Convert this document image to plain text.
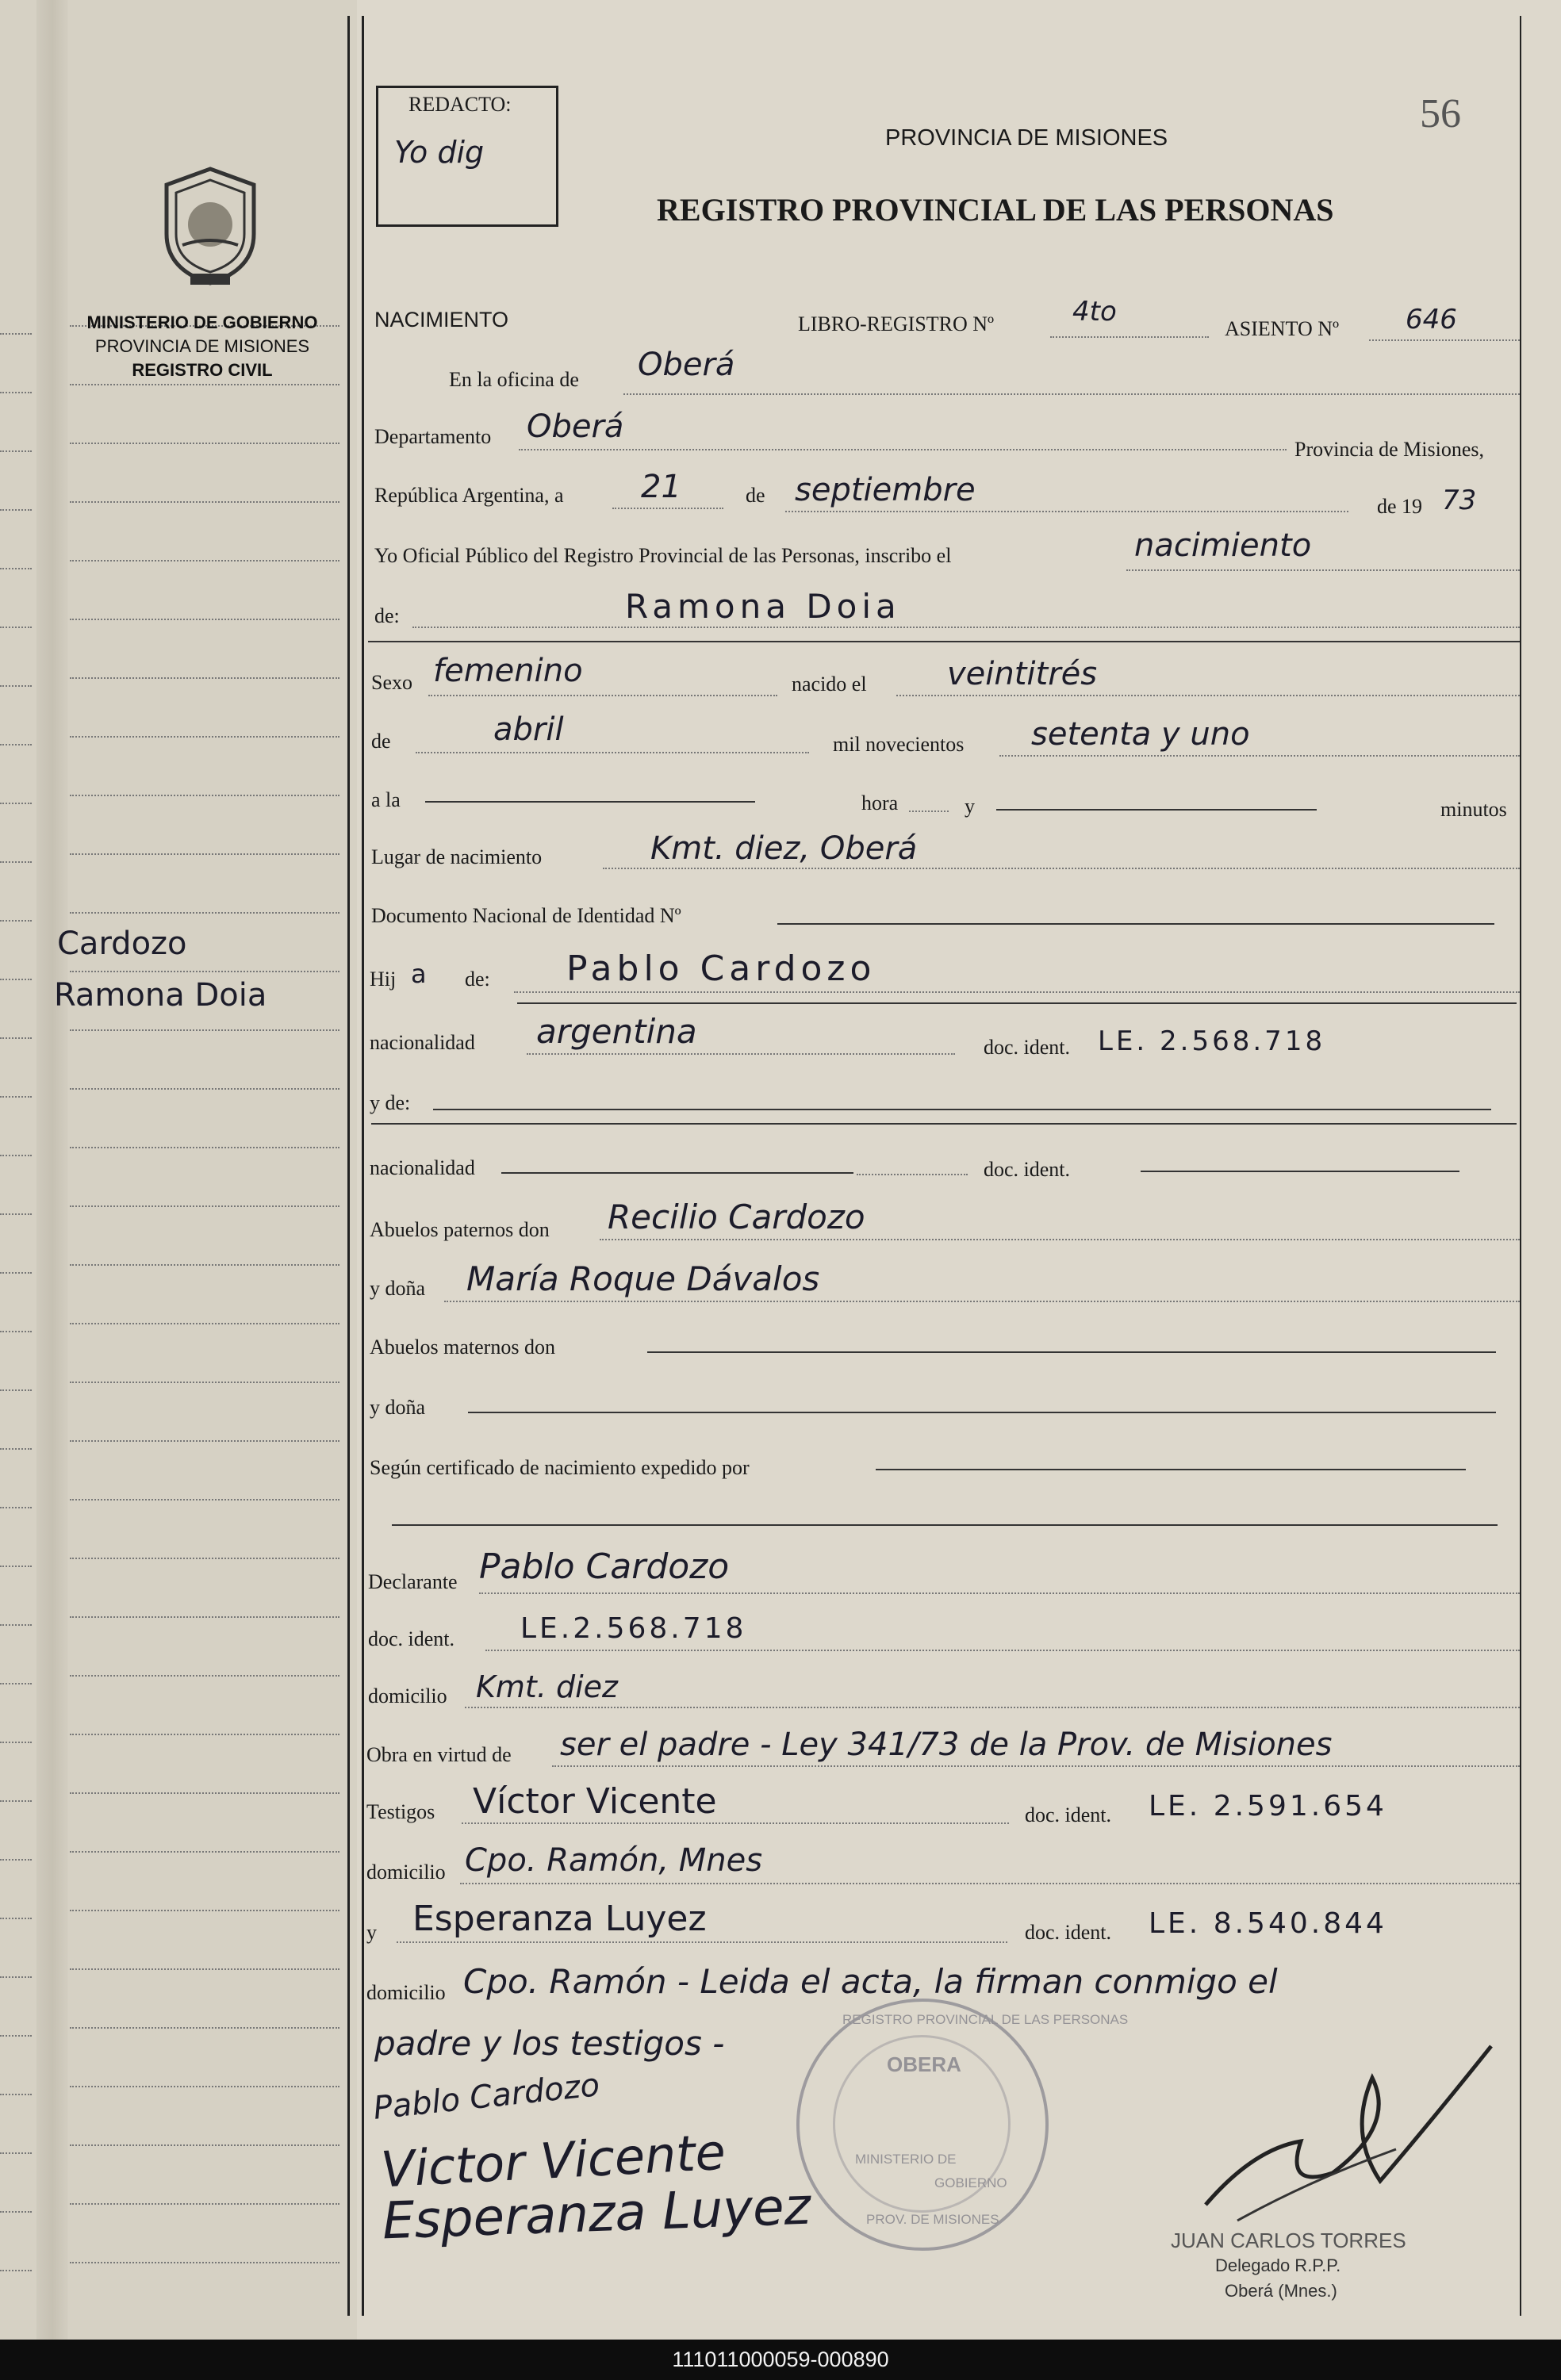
MINISTERIO DE GOBIERNO
PROVINCIA DE MISIONES
REGISTRO CIVIL
Cardozo
Ramona Doia
REDACTO:
Yo dig
56
PROVINCIA DE MISIONES
REGISTRO PROVINCIAL DE LAS PERSONAS
NACIMIENTO	LIBRO-REGISTRO Nº	4to
ASIENTO Nº 646
En la oficina de Oberá
Departamento Oberá
Provincia de Misiones,
República Argentina, a 21	de septiembre	de 19 73
Yo Oficial Público del Registro Provincial de las Personas, inscribo el	nacimiento
de:	Ramona Doia
Sexo femenino	nacido el	veintitrés
de	abril	mil novecientos setenta y uno
a la	hora	y	minutos
Lugar de nacimiento	Kmt. diez, Oberá
Documento Nacional de Identidad Nº
Hij a de: Pablo Cardozo
nacionalidad argentina	doc. ident. LE. 2.568.718
y de:
nacionalidad	doc. ident.
Abuelos paternos don Recilio Cardozo
y doña María Roque Dávalos
Abuelos maternos don
y doña
Según certificado de nacimiento expedido por
Declarante Pablo Cardozo
doc. ident. LE.2.568.718
domicilio Kmt. diez
Obra en virtud de ser el padre - Ley 341/73 de la Prov. de Misiones
Testigos Víctor Vicente	doc. ident. LE. 2.591.654
domicilio Cpo. Ramón, Mnes
y Esperanza Luyez	doc. ident. LE. 8.540.844
domicilio Cpo. Ramón - Leida el acta, la firman conmigo el
padre y los testigos -
Pablo Cardozo
Victor Vicente
Esperanza Luyez
REGISTRO PROVINCIAL DE LAS PERSONAS
OBERA
MINISTERIO DE
GOBIERNO
PROV. DE MISIONES
JUAN CARLOS TORRES
Delegado R.P.P.
Oberá (Mnes.)
111011000059-000890
